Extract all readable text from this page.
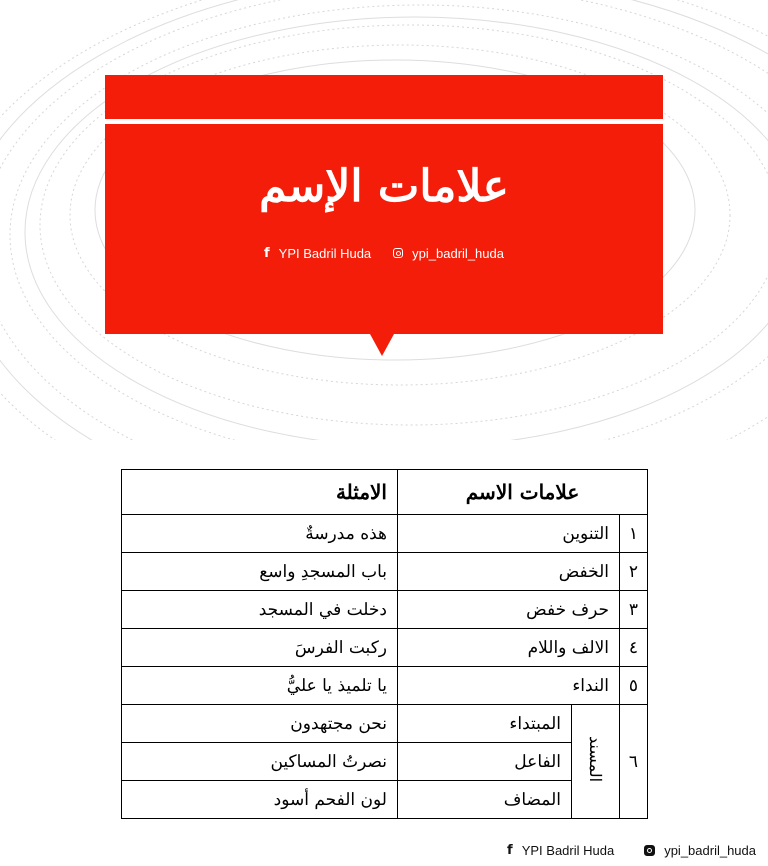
علامات الإسم
f YPI Badril Huda	ypi_badril_huda
علامات الاسم			الامثلة
١	التنوين		هذه مدرسةٌ
٢	الخفض		باب المسجدِ واسع
٣	حرف خفض		دخلت في المسجد
٤	الالف واللام		ركبت الفرسَ
٥	النداء		يا تلميذ يا عليُّ
٦	المسند	المبتداء	نحن مجتهدون
		الفاعل	نصرتُ المساكين
		المضاف	لون الفحم أسود
f YPI Badril Huda	ypi_badril_huda
